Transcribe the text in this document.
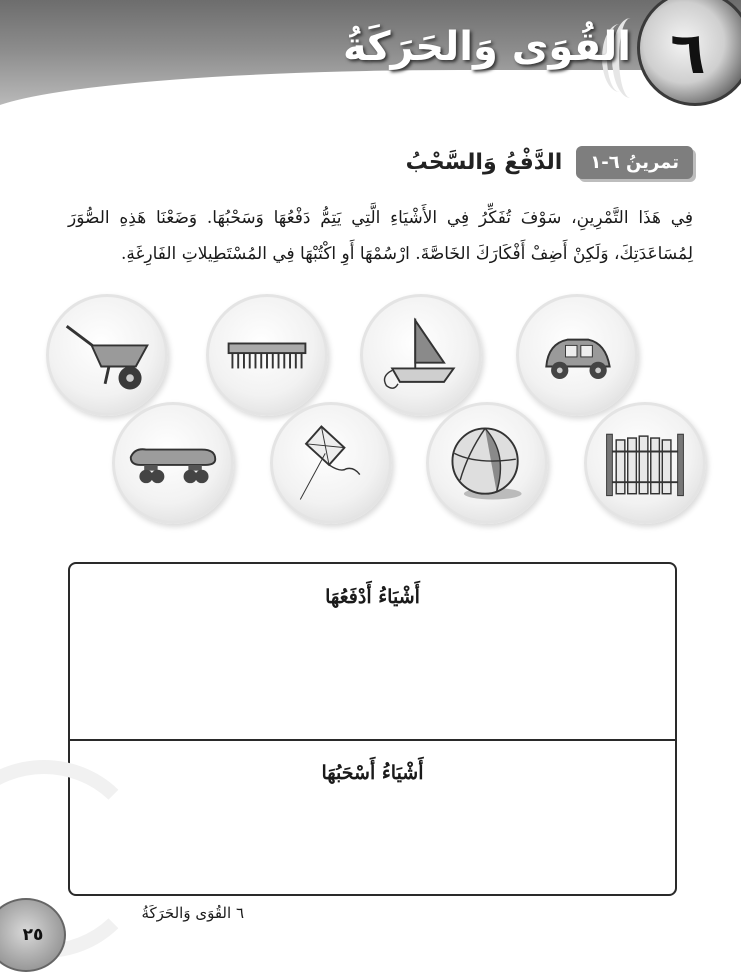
القُوَى وَالحَرَكَةُ ٦
تمرينُ ٦-١
الدَّفْعُ وَالسَّحْبُ
فِي هَذَا التَّمْرِينِ، سَوْفَ تُفَكِّرُ فِي الأَشْيَاءِ الَّتِي يَتِمُّ دَفْعُهَا وَسَحْبُهَا. وَضَعْنَا هَذِهِ الصُّوَرَ لِمُسَاعَدَتِكَ، وَلَكِنْ أَضِفْ أَفْكَارَكَ الخَاصَّةَ. ارْسُمْهَا أَوِ اكْتُبْهَا فِي المُسْتَطِيلاتِ الفَارِغَةِ.
أَشْيَاءُ أَدْفَعُهَا
أَشْيَاءُ أَسْحَبُهَا
٦ القُوَى وَالحَرَكَةُ
٢٥
